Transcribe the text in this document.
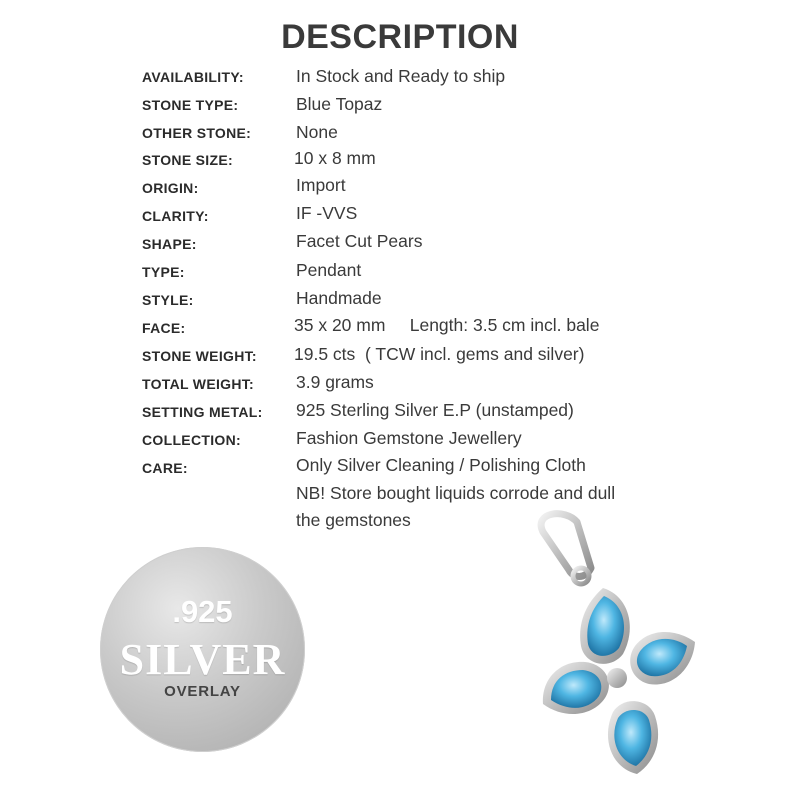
DESCRIPTION
AVAILABILITY:	In Stock and Ready to ship
STONE TYPE:	Blue Topaz
OTHER STONE:	None
STONE SIZE:	10 x 8 mm
ORIGIN:	Import
CLARITY:	IF -VVS
SHAPE:	Facet Cut Pears
TYPE:	Pendant
STYLE:	Handmade
FACE:	35 x 20 mm     Length: 3.5 cm incl. bale
STONE WEIGHT: 19.5 cts  ( TCW incl. gems and silver)
TOTAL WEIGHT: 3.9 grams
SETTING METAL: 925 Sterling Silver E.P (unstamped)
COLLECTION:	Fashion Gemstone Jewellery
CARE:	Only Silver Cleaning / Polishing Cloth
NB! Store bought liquids corrode and dull
the gemstones
.925
SILVER
OVERLAY
